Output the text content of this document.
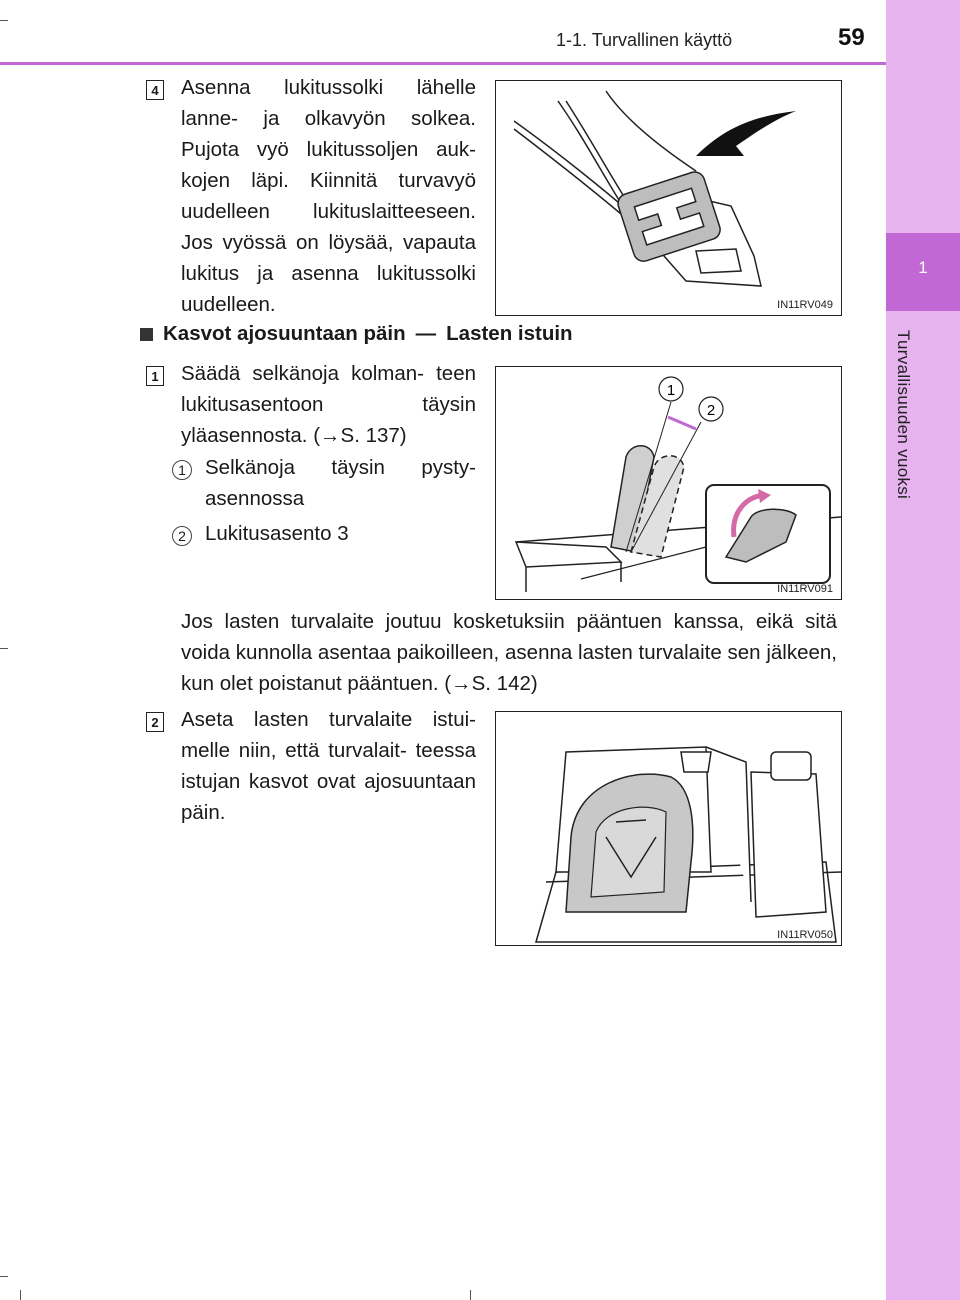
1
Turvallisuuden vuoksi
1-1. Turvallinen käyttö	59
4 Asenna lukitussolki lähelle lanne- ja olkavyön solkea. Pujota vyö lukitussoljen auk- kojen läpi. Kiinnitä turvavyö uudelleen lukituslaitteeseen. Jos vyössä on löysää, vapauta lukitus ja asenna lukitussolki uudelleen.	IN11RV049
Kasvot ajosuuntaan päin — Lasten istuin
1 Säädä selkänoja kolman- teen lukitusasentoon täysin yläasennosta. (→S. 137)
1 Selkänoja täysin pysty- asennossa
2 Lukitusasento 3
1
2
IN11RV091
Jos lasten turvalaite joutuu kosketuksiin pääntuen kanssa, eikä sitä voida kunnolla asentaa paikoilleen, asenna lasten turvalaite sen jälkeen, kun olet poistanut pääntuen. (→S. 142)
2 Aseta lasten turvalaite istui- melle niin, että turvalait- teessa istujan kasvot ovat ajosuuntaan päin.
IN11RV050
